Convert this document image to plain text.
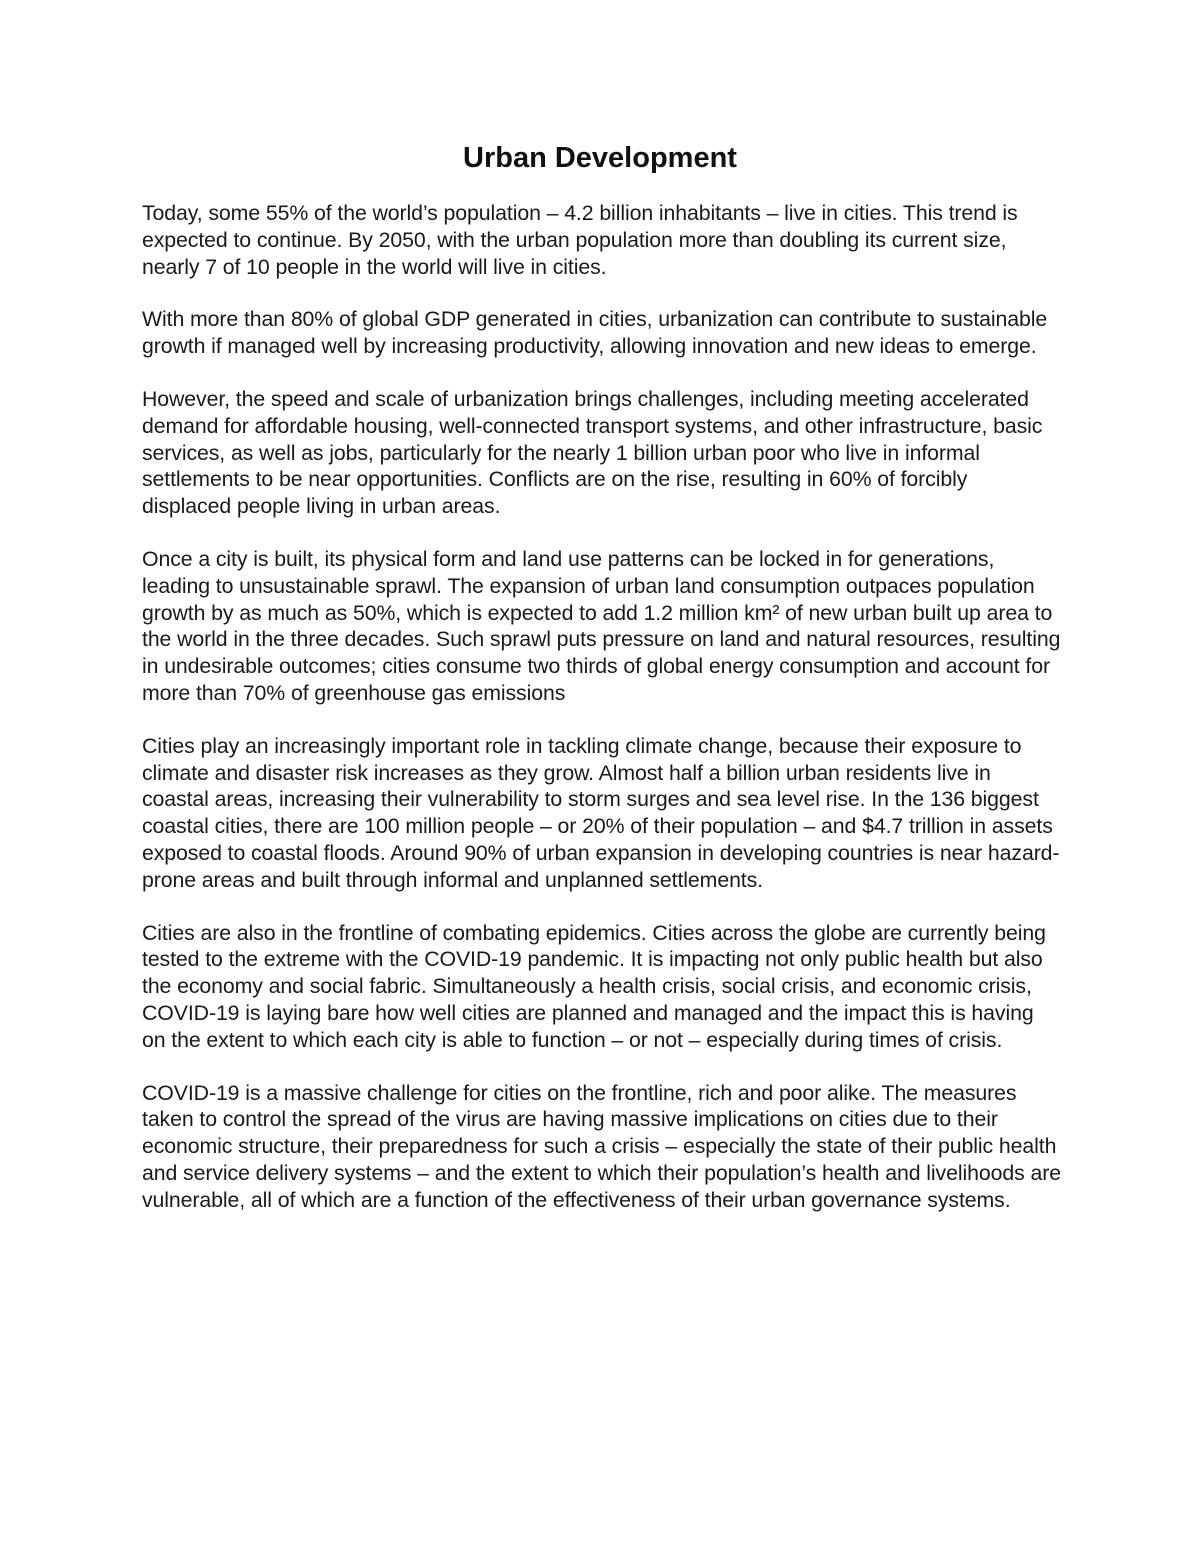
Urban Development

Today, some 55% of the world’s population – 4.2 billion inhabitants – live in cities. This trend is expected to continue. By 2050, with the urban population more than doubling its current size, nearly 7 of 10 people in the world will live in cities.

With more than 80% of global GDP generated in cities, urbanization can contribute to sustainable growth if managed well by increasing productivity, allowing innovation and new ideas to emerge.

However, the speed and scale of urbanization brings challenges, including meeting accelerated demand for affordable housing, well-connected transport systems, and other infrastructure, basic services, as well as jobs, particularly for the nearly 1 billion urban poor who live in informal settlements to be near opportunities. Conflicts are on the rise, resulting in 60% of forcibly displaced people living in urban areas.

Once a city is built, its physical form and land use patterns can be locked in for generations, leading to unsustainable sprawl. The expansion of urban land consumption outpaces population growth by as much as 50%, which is expected to add 1.2 million km² of new urban built up area to the world in the three decades. Such sprawl puts pressure on land and natural resources, resulting in undesirable outcomes; cities consume two thirds of global energy consumption and account for more than 70% of greenhouse gas emissions

Cities play an increasingly important role in tackling climate change, because their exposure to climate and disaster risk increases as they grow. Almost half a billion urban residents live in coastal areas, increasing their vulnerability to storm surges and sea level rise. In the 136 biggest coastal cities, there are 100 million people – or 20% of their population – and $4.7 trillion in assets exposed to coastal floods. Around 90% of urban expansion in developing countries is near hazard-prone areas and built through informal and unplanned settlements.

Cities are also in the frontline of combating epidemics. Cities across the globe are currently being tested to the extreme with the COVID-19 pandemic. It is impacting not only public health but also the economy and social fabric. Simultaneously a health crisis, social crisis, and economic crisis, COVID-19 is laying bare how well cities are planned and managed and the impact this is having on the extent to which each city is able to function – or not – especially during times of crisis.

COVID-19 is a massive challenge for cities on the frontline, rich and poor alike. The measures taken to control the spread of the virus are having massive implications on cities due to their economic structure, their preparedness for such a crisis – especially the state of their public health and service delivery systems – and the extent to which their population’s health and livelihoods are vulnerable, all of which are a function of the effectiveness of their urban governance systems.
